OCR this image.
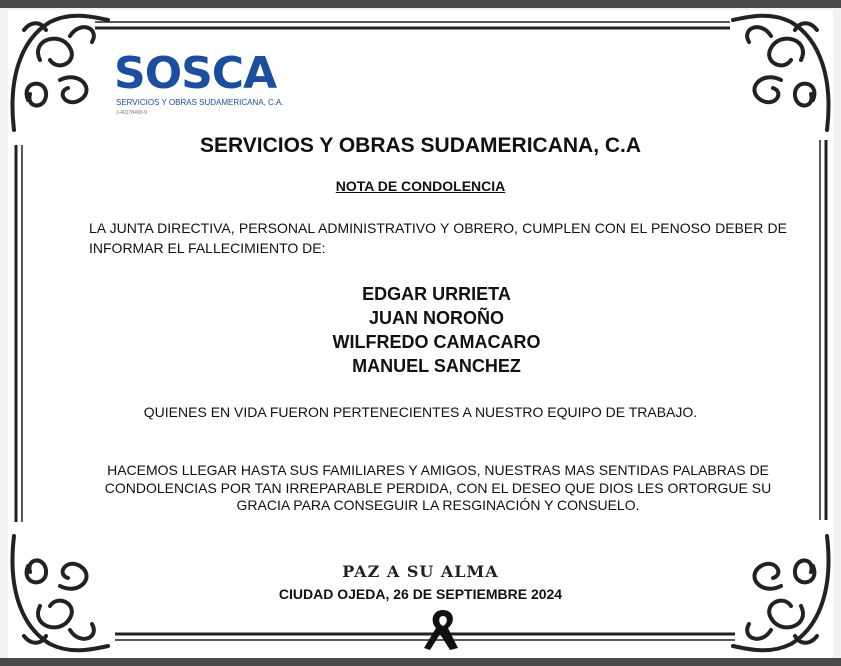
SOSCA
SERVICIOS Y OBRAS SUDAMERICANA, C.A.
J-40178490-9
SERVICIOS Y OBRAS SUDAMERICANA, C.A
NOTA DE CONDOLENCIA
LA JUNTA DIRECTIVA, PERSONAL ADMINISTRATIVO Y OBRERO, CUMPLEN CON EL PENOSO DEBER DE INFORMAR EL FALLECIMIENTO DE:
EDGAR URRIETA
JUAN NOROÑO
WILFREDO CAMACARO
MANUEL SANCHEZ
QUIENES EN VIDA FUERON PERTENECIENTES A NUESTRO EQUIPO DE TRABAJO.
HACEMOS LLEGAR HASTA SUS FAMILIARES Y AMIGOS, NUESTRAS MAS SENTIDAS PALABRAS DE CONDOLENCIAS POR TAN IRREPARABLE PERDIDA, CON EL DESEO QUE DIOS LES ORTORGUE SU GRACIA PARA CONSEGUIR LA RESGINACIÓN Y CONSUELO.
PAZ A SU ALMA
CIUDAD OJEDA, 26 DE SEPTIEMBRE 2024
